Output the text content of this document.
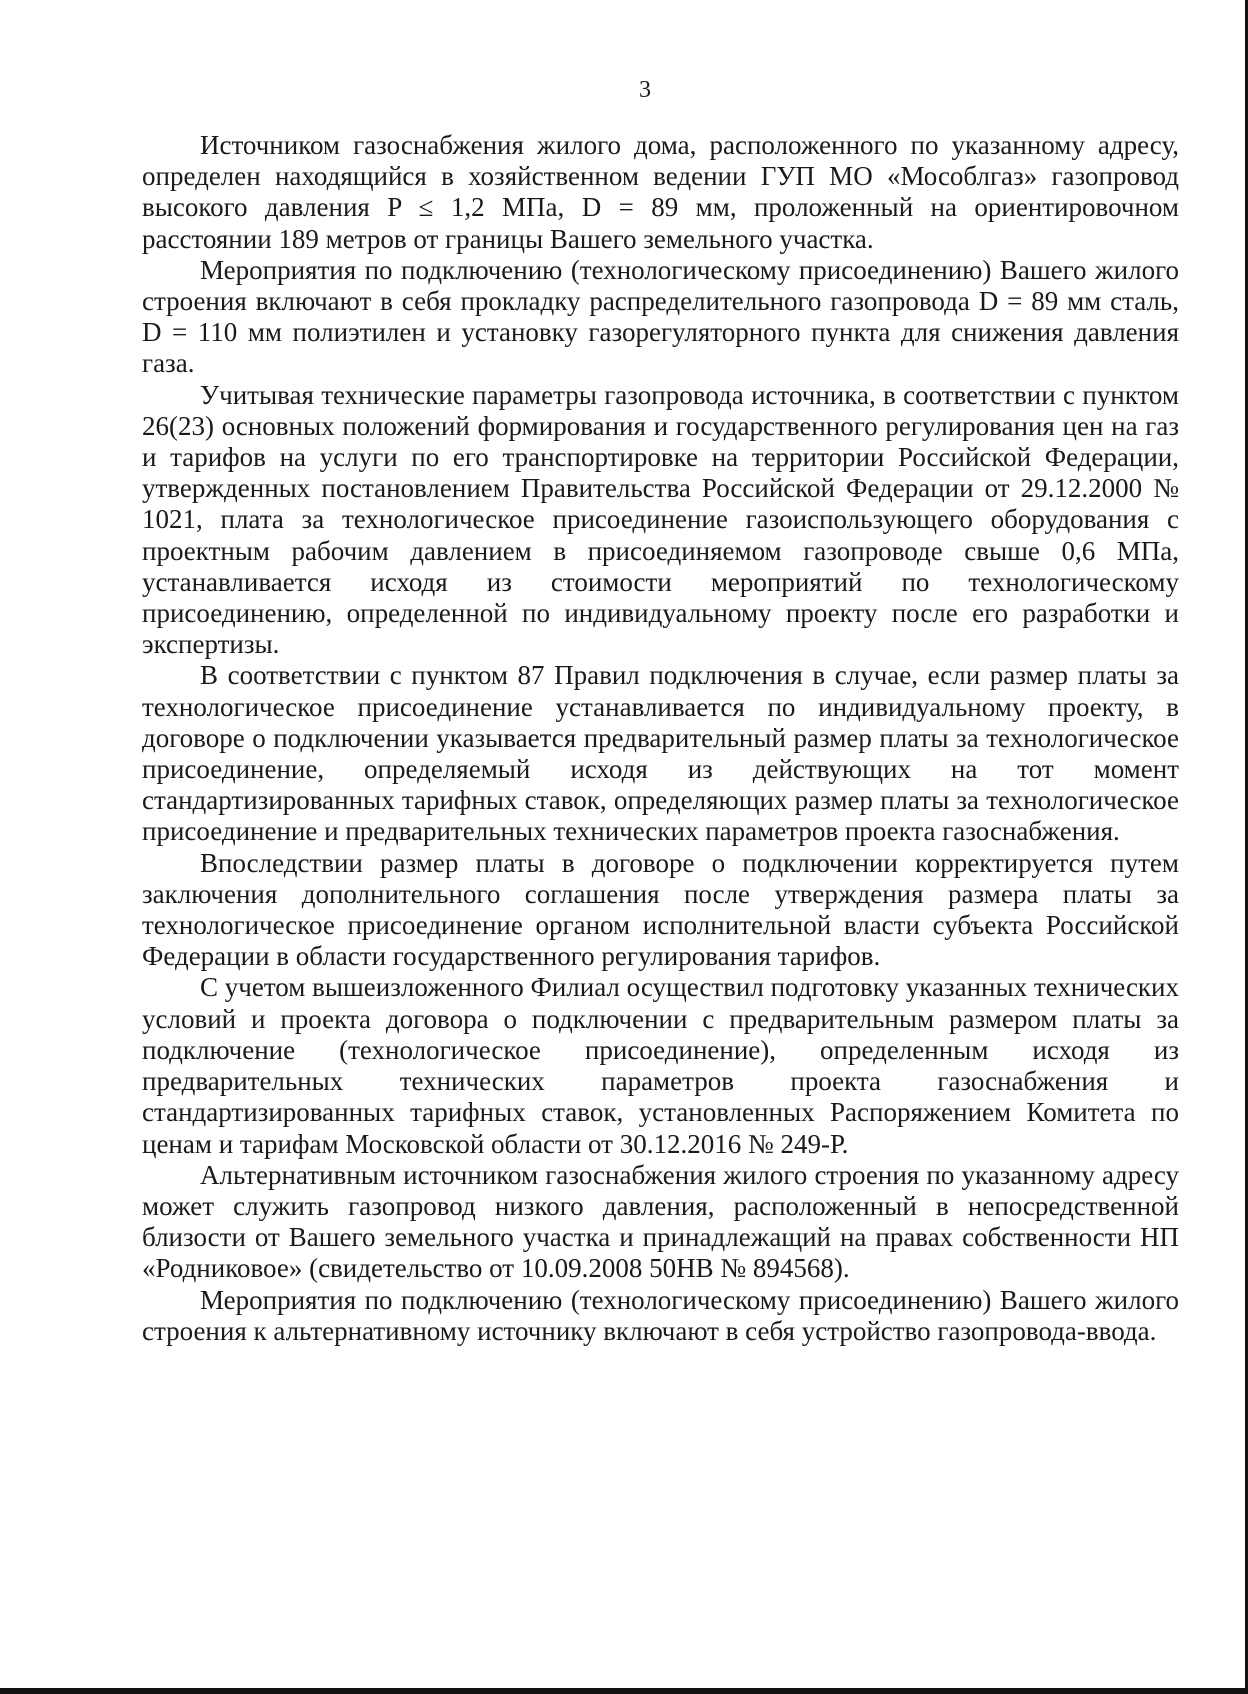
3

Источником газоснабжения жилого дома, расположенного по указанному адресу, определен находящийся в хозяйственном ведении ГУП МО «Мособлгаз» газопровод высокого давления P ≤ 1,2 МПа, D = 89 мм, проложенный на ориентировочном расстоянии 189 метров от границы Вашего земельного участка.

Мероприятия по подключению (технологическому присоединению) Вашего жилого строения включают в себя прокладку распределительного газопровода D = 89 мм сталь, D = 110 мм полиэтилен и установку газорегуляторного пункта для снижения давления газа.

Учитывая технические параметры газопровода источника, в соответствии с пунктом 26(23) основных положений формирования и государственного регулирования цен на газ и тарифов на услуги по его транспортировке на территории Российской Федерации, утвержденных постановлением Правительства Российской Федерации от 29.12.2000 № 1021, плата за технологическое присоединение газоиспользующего оборудования с проектным рабочим давлением в присоединяемом газопроводе свыше 0,6 МПа, устанавливается исходя из стоимости мероприятий по технологическому присоединению, определенной по индивидуальному проекту после его разработки и экспертизы.

В соответствии с пунктом 87 Правил подключения в случае, если размер платы за технологическое присоединение устанавливается по индивидуальному проекту, в договоре о подключении указывается предварительный размер платы за технологическое присоединение, определяемый исходя из действующих на тот момент стандартизированных тарифных ставок, определяющих размер платы за технологическое присоединение и предварительных технических параметров проекта газоснабжения.

Впоследствии размер платы в договоре о подключении корректируется путем заключения дополнительного соглашения после утверждения размера платы за технологическое присоединение органом исполнительной власти субъекта Российской Федерации в области государственного регулирования тарифов.

С учетом вышеизложенного Филиал осуществил подготовку указанных технических условий и проекта договора о подключении с предварительным размером платы за подключение (технологическое присоединение), определенным исходя из предварительных технических параметров проекта газоснабжения и стандартизированных тарифных ставок, установленных Распоряжением Комитета по ценам и тарифам Московской области от 30.12.2016 № 249-Р.

Альтернативным источником газоснабжения жилого строения по указанному адресу может служить газопровод низкого давления, расположенный в непосредственной близости от Вашего земельного участка и принадлежащий на правах собственности НП «Родниковое» (свидетельство от 10.09.2008 50НВ № 894568).

Мероприятия по подключению (технологическому присоединению) Вашего жилого строения к альтернативному источнику включают в себя устройство газопровода-ввода.
